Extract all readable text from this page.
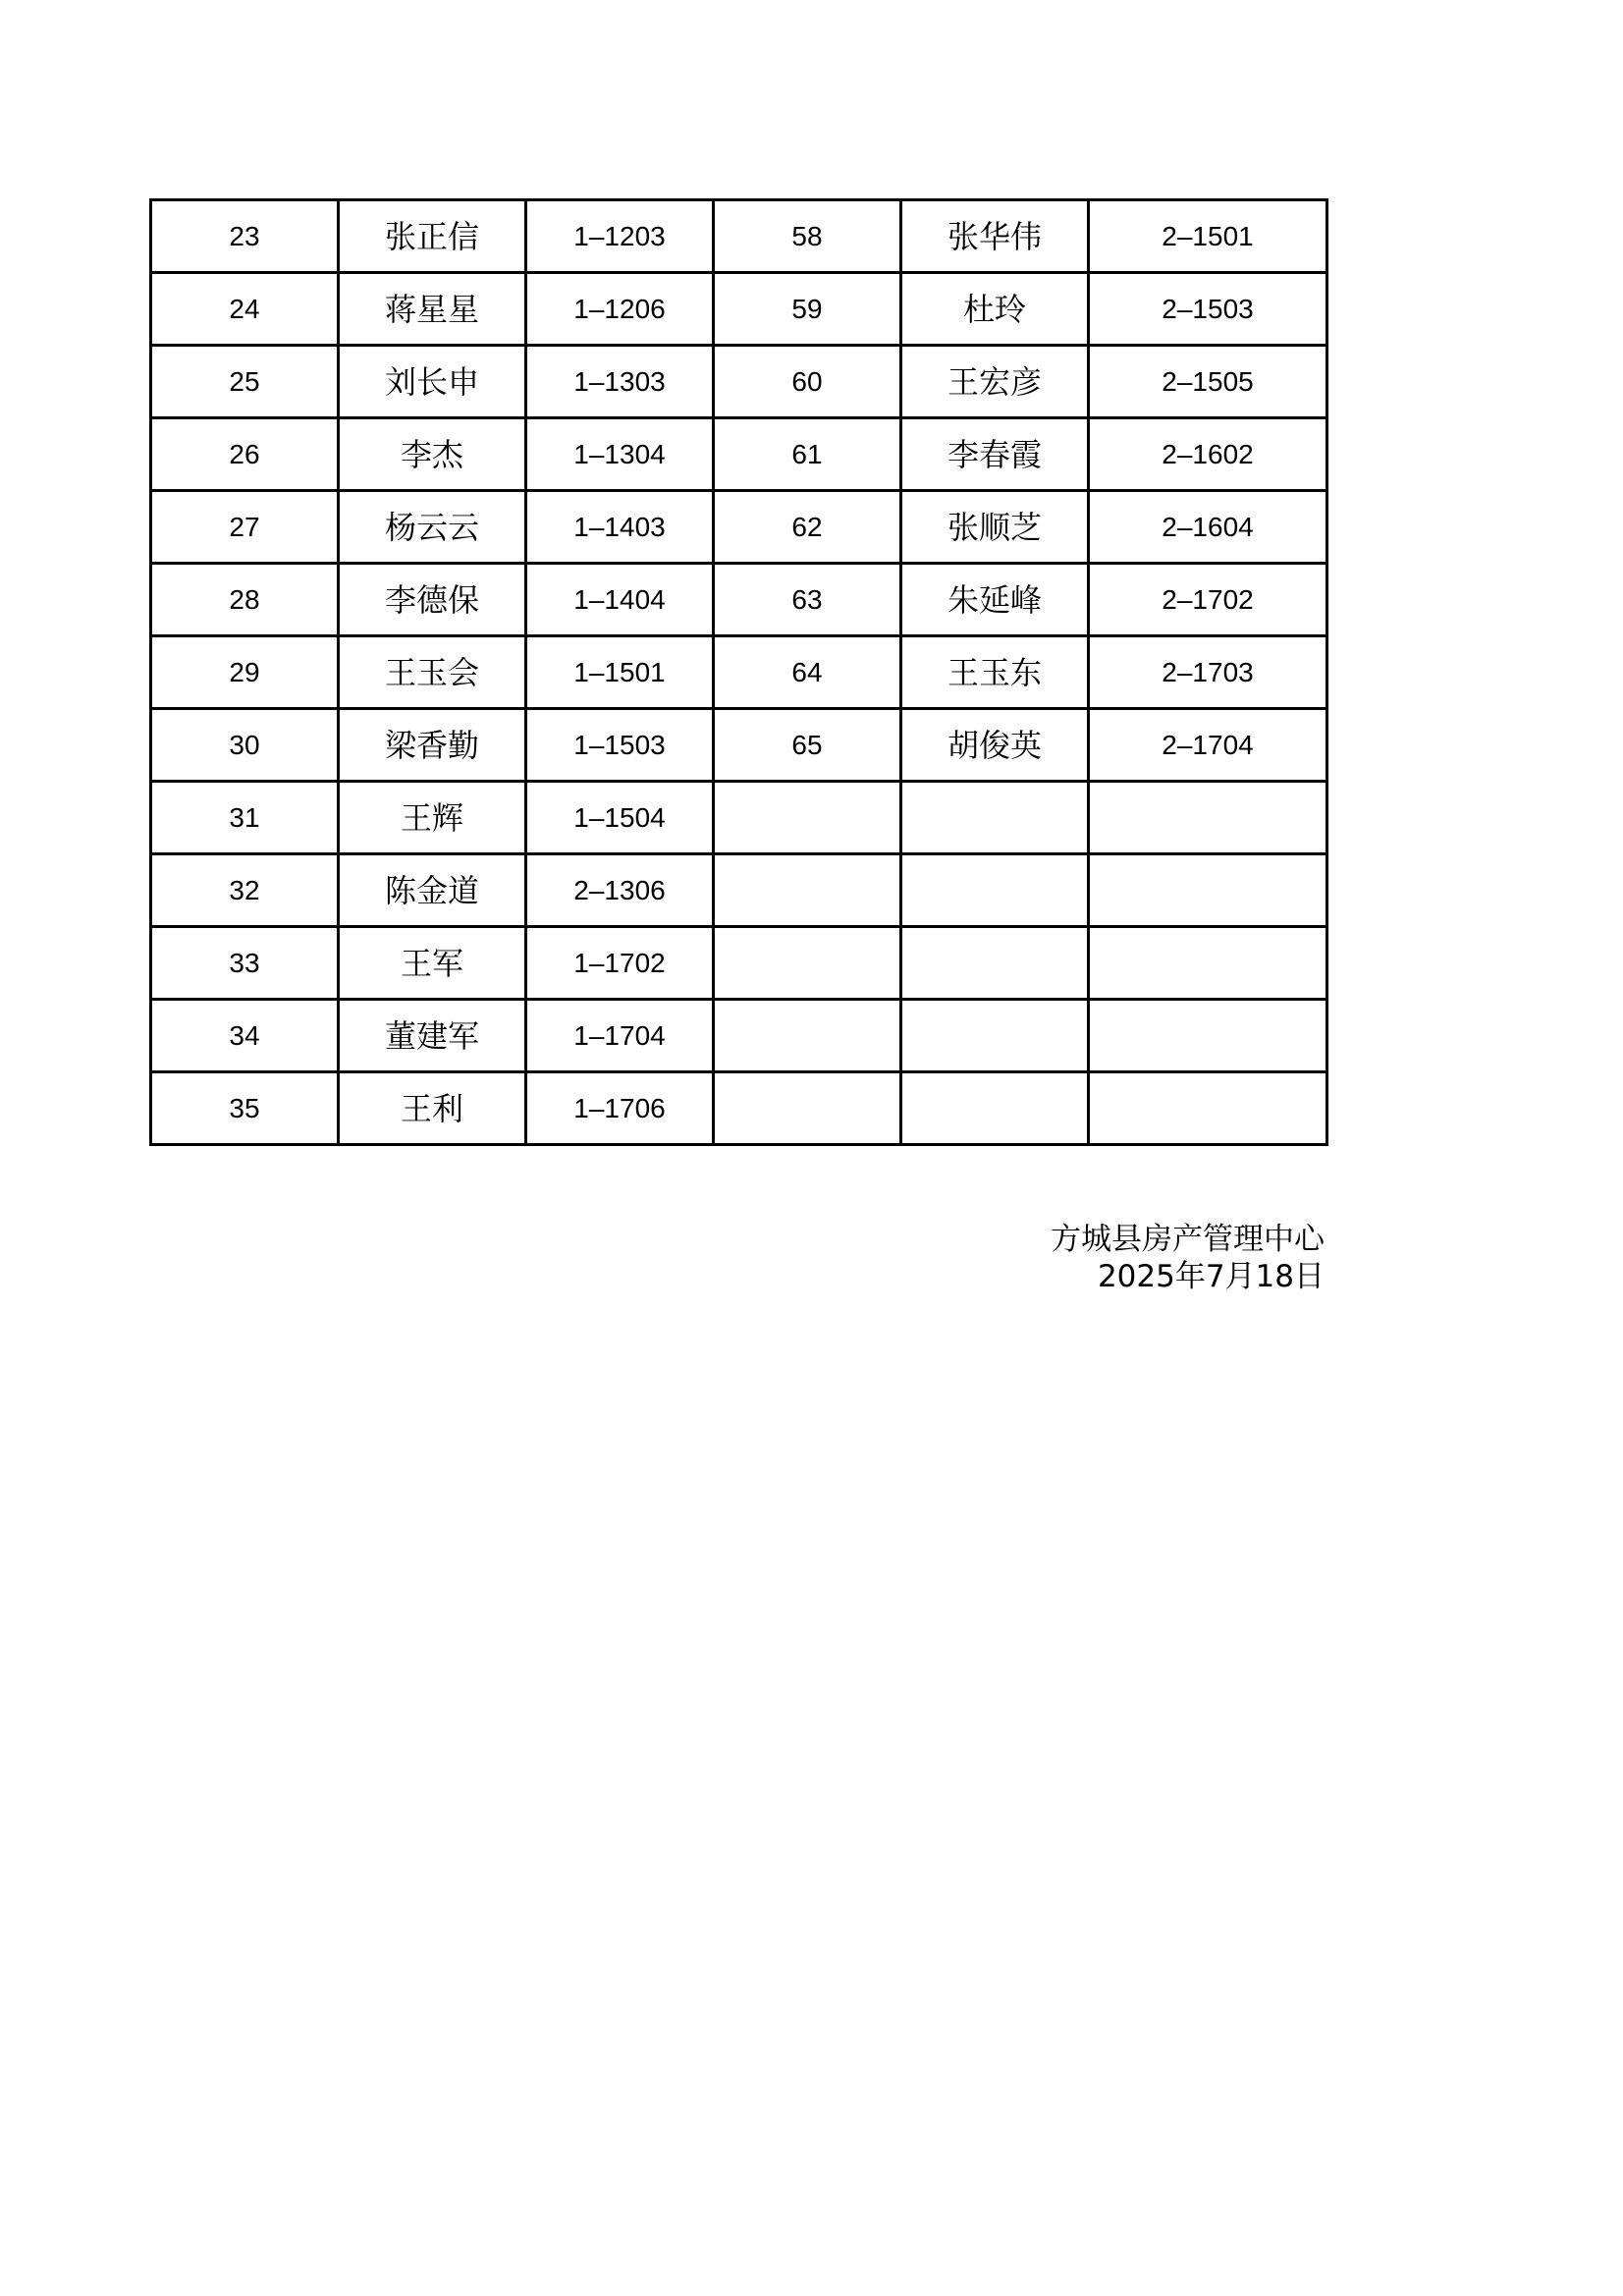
23	张正信	1–1203	58	张华伟	2–1501
24	蒋星星	1–1206	59	杜玲	2–1503
25	刘长申	1–1303	60	王宏彦	2–1505
26	李杰	1–1304	61	李春霞	2–1602
27	杨云云	1–1403	62	张顺芝	2–1604
28	李德保	1–1404	63	朱延峰	2–1702
29	王玉会	1–1501	64	王玉东	2–1703
30	梁香勤	1–1503	65	胡俊英	2–1704
31	王辉	1–1504			
32	陈金道	2–1306			
33	王军	1–1702			
34	董建军	1–1704			
35	王利	1–1706			
方城县房产管理中心
2025年7月18日
